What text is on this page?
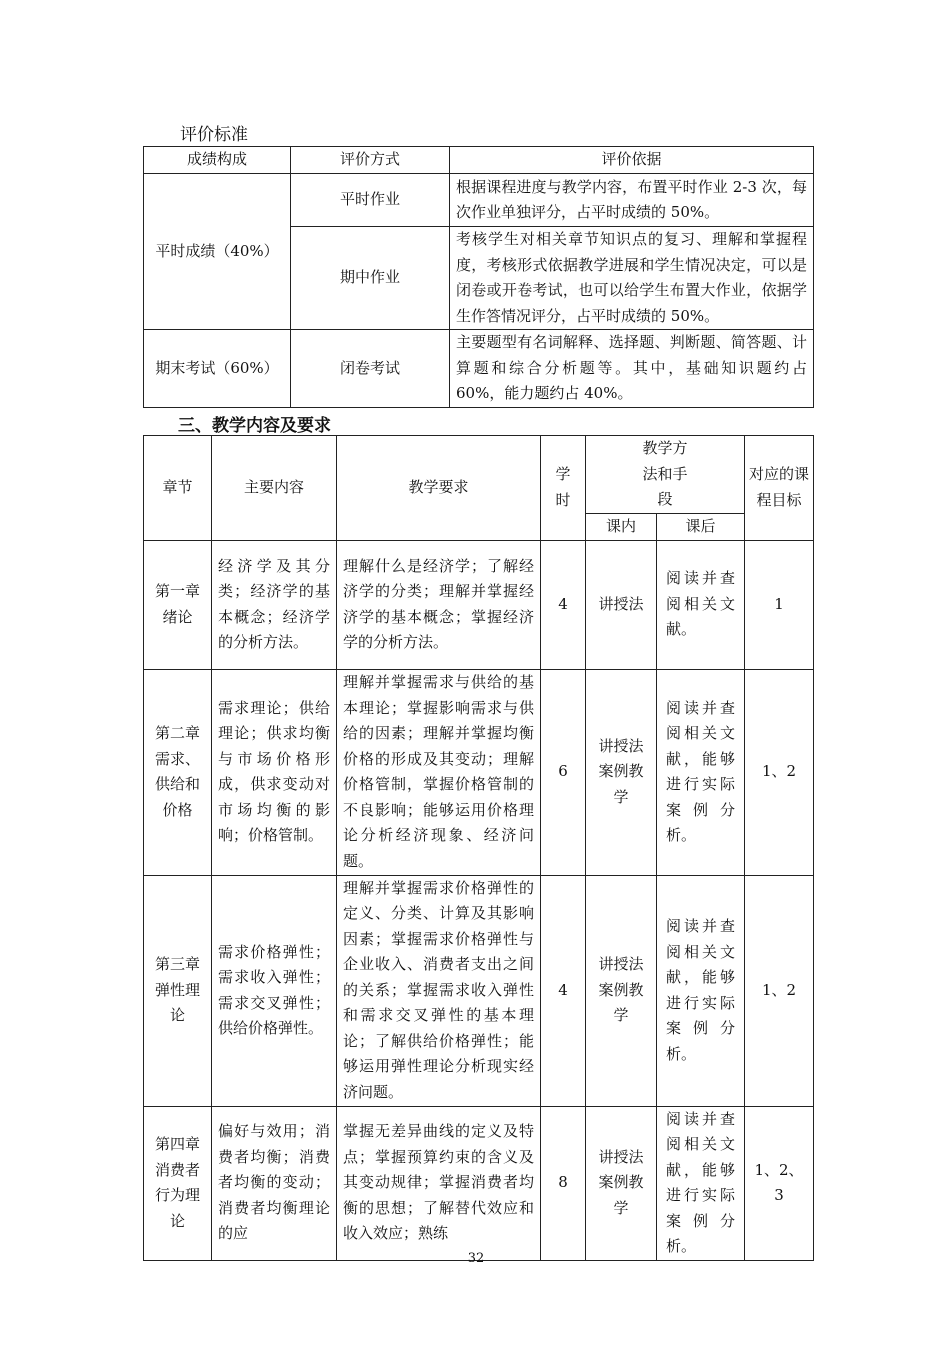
评价标准
成绩构成	评价方式	评价依据
平时成绩（40%）	平时作业	根据课程进度与教学内容，布置平时作业 2-3 次，每次作业单独评分，占平时成绩的 50%。
	期中作业	考核学生对相关章节知识点的复习、理解和掌握程度，考核形式依据教学进展和学生情况决定，可以是闭卷或开卷考试，也可以给学生布置大作业，依据学生作答情况评分，占平时成绩的 50%。
期末考试（60%）	闭卷考试	主要题型有名词解释、选择题、判断题、简答题、计算题和综合分析题等。其中，基础知识题约占 60%，能力题约占 40%。
三、教学内容及要求
章节	主要内容	教学要求	学时	教学方法和手段		对应的课程目标
				课内	课后	
第一章绪论	经济学及其分类；经济学的基本概念；经济学的分析方法。	理解什么是经济学；了解经济学的分类；理解并掌握经济学的基本概念；掌握经济学的分析方法。	4	讲授法	阅读并查阅相关文献。	1
第二章需求、供给和价格	需求理论；供给理论；供求均衡与市场价格形成，供求变动对市场均衡的影响；价格管制。	理解并掌握需求与供给的基本理论；掌握影响需求与供给的因素；理解并掌握均衡价格的形成及其变动；理解价格管制，掌握价格管制的不良影响；能够运用价格理论分析经济现象、经济问题。	6	讲授法案例教学	阅读并查阅相关文献，能够进行实际案例分析。	1、2
第三章弹性理论	需求价格弹性；需求收入弹性；需求交叉弹性；供给价格弹性。	理解并掌握需求价格弹性的定义、分类、计算及其影响因素；掌握需求价格弹性与企业收入、消费者支出之间的关系；掌握需求收入弹性和需求交叉弹性的基本理论；了解供给价格弹性；能够运用弹性理论分析现实经济问题。	4	讲授法案例教学	阅读并查阅相关文献，能够进行实际案例分析。	1、2
第四章消费者行为理论	偏好与效用；消费者均衡；消费者均衡的变动；消费者均衡理论的应	掌握无差异曲线的定义及特点；掌握预算约束的含义及其变动规律；掌握消费者均衡的思想；了解替代效应和收入效应；熟练	8	讲授法案例教学	阅读并查阅相关文献，能够进行实际案例分析。	1、2、3
32
